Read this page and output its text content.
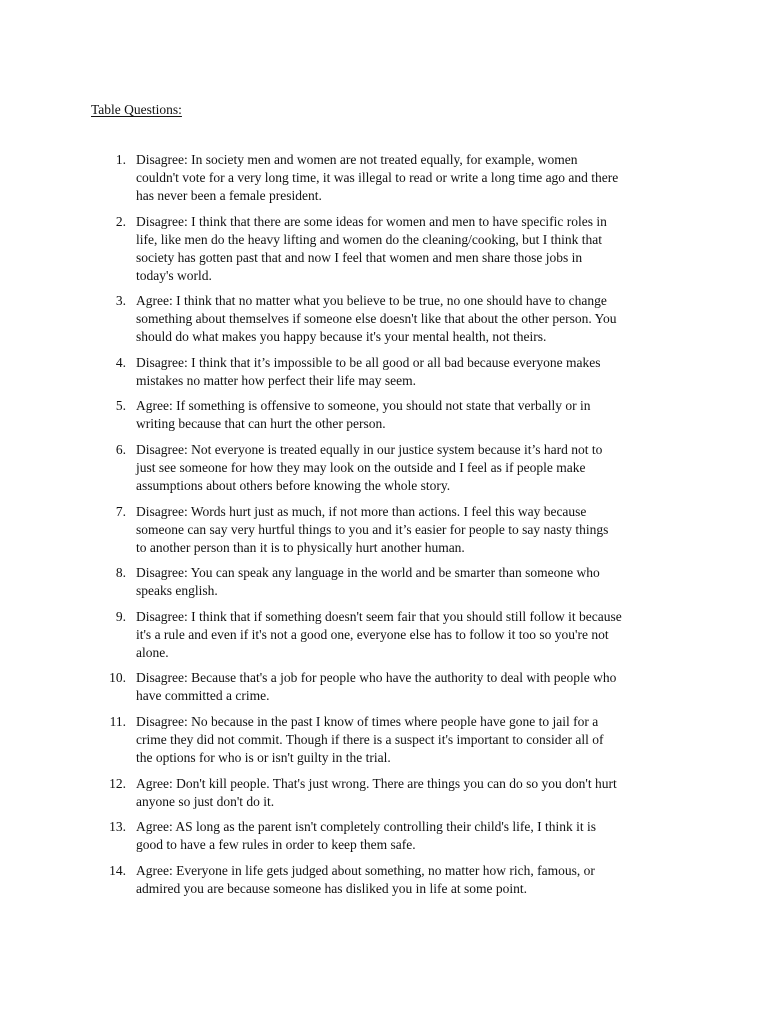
Table Questions:
1. Disagree: In society men and women are not treated equally, for example, women
couldn't vote for a very long time, it was illegal to read or write a long time ago and there
has never been a female president.
2. Disagree: I think that there are some ideas for women and men to have specific roles in
life, like men do the heavy lifting and women do the cleaning/cooking, but I think that
society has gotten past that and now I feel that women and men share those jobs in
today's world.
3. Agree: I think that no matter what you believe to be true, no one should have to change
something about themselves if someone else doesn't like that about the other person. You
should do what makes you happy because it's your mental health, not theirs.
4. Disagree: I think that it’s impossible to be all good or all bad because everyone makes
mistakes no matter how perfect their life may seem.
5. Agree: If something is offensive to someone, you should not state that verbally or in
writing because that can hurt the other person.
6. Disagree: Not everyone is treated equally in our justice system because it’s hard not to
just see someone for how they may look on the outside and I feel as if people make
assumptions about others before knowing the whole story.
7. Disagree: Words hurt just as much, if not more than actions. I feel this way because
someone can say very hurtful things to you and it’s easier for people to say nasty things
to another person than it is to physically hurt another human.
8. Disagree: You can speak any language in the world and be smarter than someone who
speaks english.
9. Disagree: I think that if something doesn't seem fair that you should still follow it because
it's a rule and even if it's not a good one, everyone else has to follow it too so you're not
alone.
10. Disagree: Because that's a job for people who have the authority to deal with people who
have committed a crime.
11. Disagree: No because in the past I know of times where people have gone to jail for a
crime they did not commit. Though if there is a suspect it's important to consider all of
the options for who is or isn't guilty in the trial.
12. Agree: Don't kill people. That's just wrong. There are things you can do so you don't hurt
anyone so just don't do it.
13. Agree: AS long as the parent isn't completely controlling their child's life, I think it is
good to have a few rules in order to keep them safe.
14. Agree: Everyone in life gets judged about something, no matter how rich, famous, or
admired you are because someone has disliked you in life at some point.
